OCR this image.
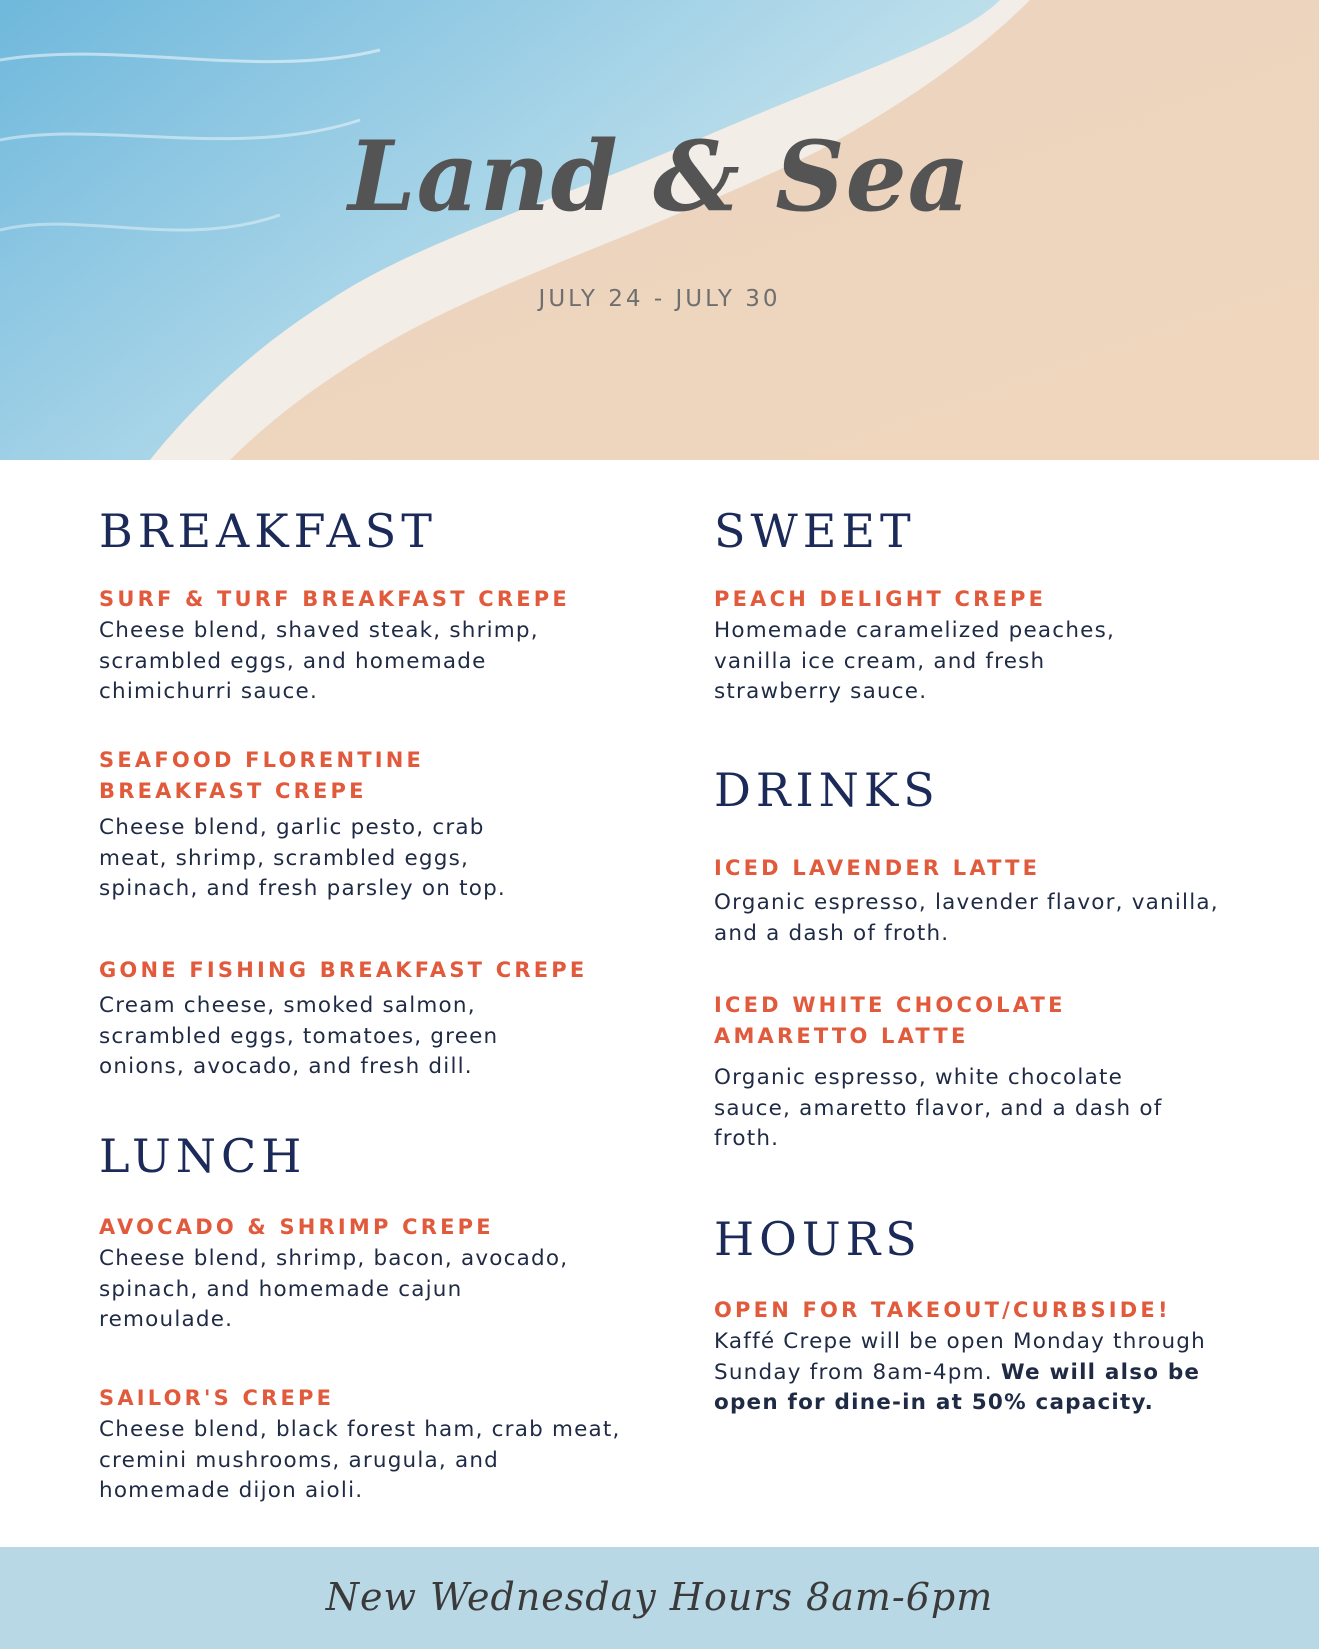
Land & Sea
JULY 24 - JULY 30
BREAKFAST
SURF & TURF BREAKFAST CREPE
Cheese blend, shaved steak, shrimp,
scrambled eggs, and homemade
chimichurri sauce.
SEAFOOD FLORENTINE
BREAKFAST CREPE
Cheese blend, garlic pesto, crab
meat, shrimp, scrambled eggs,
spinach, and fresh parsley on top.
GONE FISHING BREAKFAST CREPE
Cream cheese, smoked salmon,
scrambled eggs, tomatoes, green
onions, avocado, and fresh dill.
LUNCH
AVOCADO & SHRIMP CREPE
Cheese blend, shrimp, bacon, avocado,
spinach, and homemade cajun
remoulade.
SAILOR'S CREPE
Cheese blend, black forest ham, crab meat,
cremini mushrooms, arugula, and
homemade dijon aioli.
SWEET
PEACH DELIGHT CREPE
Homemade caramelized peaches,
vanilla ice cream, and fresh
strawberry sauce.
DRINKS
ICED LAVENDER LATTE
Organic espresso, lavender flavor, vanilla,
and a dash of froth.
ICED WHITE CHOCOLATE
AMARETTO LATTE
Organic espresso, white chocolate
sauce, amaretto flavor, and a dash of
froth.
HOURS
OPEN FOR TAKEOUT/CURBSIDE!
Kaffé Crepe will be open Monday through
Sunday from 8am-4pm. We will also be
open for dine-in at 50% capacity.
New Wednesday Hours 8am-6pm
